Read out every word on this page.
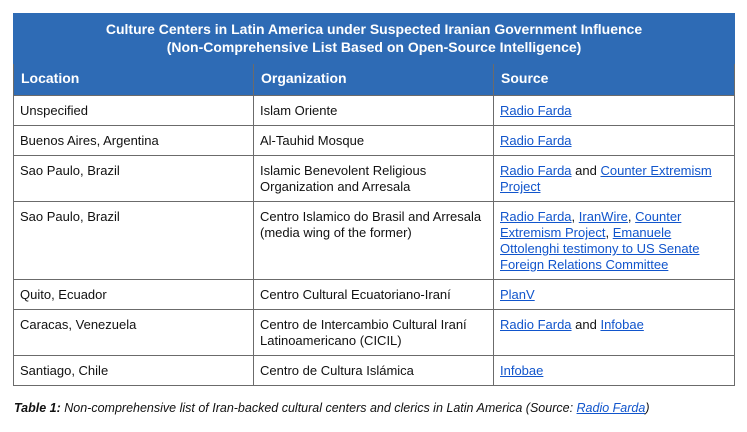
Culture Centers in Latin America under Suspected Iranian Government Influence
(Non-Comprehensive List Based on Open-Source Intelligence)		

Location	Organization	Source
Unspecified	Islam Oriente	Radio Farda
Buenos Aires, Argentina	Al-Tauhid Mosque	Radio Farda
Sao Paulo, Brazil	Islamic Benevolent Religious Organization and Arresala	Radio Farda and Counter Extremism Project
Sao Paulo, Brazil	Centro Islamico do Brasil and Arresala (media wing of the former)	Radio Farda, IranWire, Counter Extremism Project, Emanuele Ottolenghi testimony to US Senate Foreign Relations Committee
Quito, Ecuador	Centro Cultural Ecuatoriano-Iraní	PlanV
Caracas, Venezuela	Centro de Intercambio Cultural Iraní Latinoamericano (CICIL)	Radio Farda and Infobae
Santiago, Chile	Centro de Cultura Islámica	Infobae
Table 1: Non-comprehensive list of Iran-backed cultural centers and clerics in Latin America (Source: Radio Farda)
